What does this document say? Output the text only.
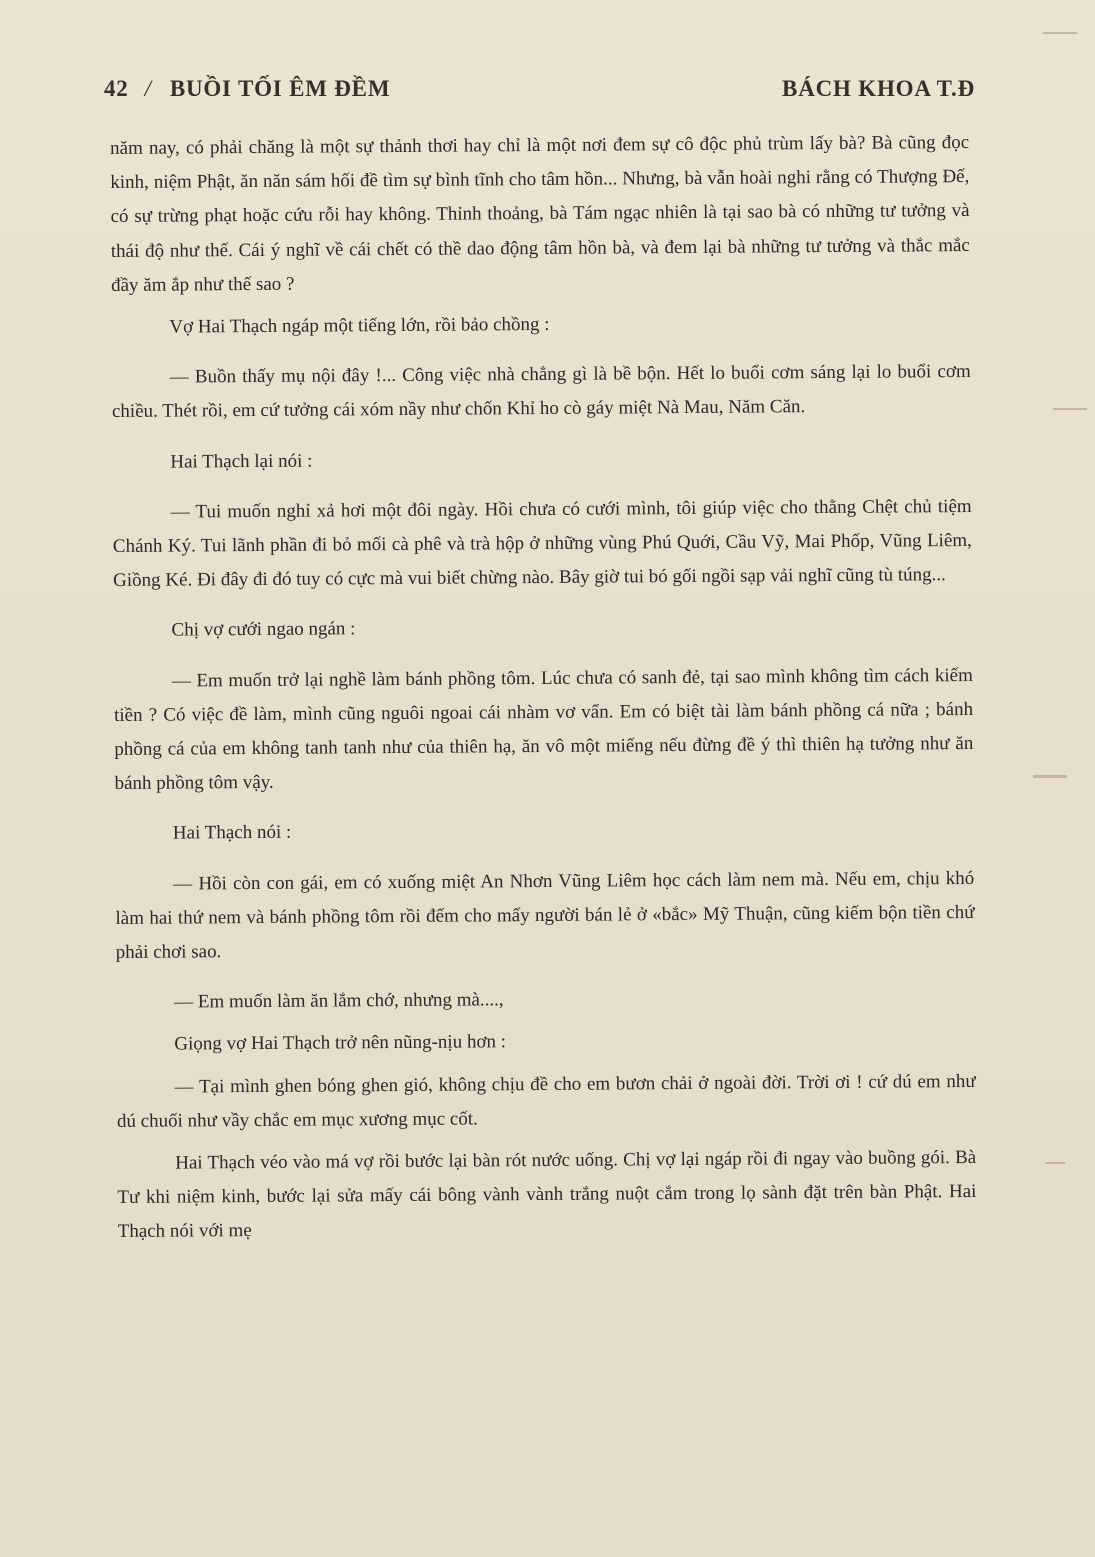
42 / BUỒI TỐI ÊM ĐỀM	BÁCH KHOA T.Đ

năm nay, có phải chăng là một sự thảnh thơi hay chỉ là một nơi đem sự cô độc phủ trùm lấy bà? Bà cũng đọc kinh, niệm Phật, ăn năn sám hối đề tìm sự bình tĩnh cho tâm hồn... Nhưng, bà vẫn hoài nghi rằng có Thượng Đế, có sự trừng phạt hoặc cứu rỗi hay không. Thỉnh thoảng, bà Tám ngạc nhiên là tại sao bà có những tư tưởng và thái độ như thế. Cái ý nghĩ về cái chết có thề dao động tâm hồn bà, và đem lại bà những tư tưởng và thắc mắc đầy ăm ắp như thế sao ?

Vợ Hai Thạch ngáp một tiếng lớn, rồi bảo chồng :

— Buồn thấy mụ nội đây !... Công việc nhà chẳng gì là bề bộn. Hết lo buổi cơm sáng lại lo buổi cơm chiều. Thét rồi, em cứ tưởng cái xóm nầy như chốn Khỉ ho cò gáy miệt Nà Mau, Năm Căn.

Hai Thạch lại nói :

— Tui muốn nghỉ xả hơi một đôi ngày. Hồi chưa có cưới mình, tôi giúp việc cho thằng Chệt chủ tiệm Chánh Ký. Tui lãnh phần đi bỏ mối cà phê và trà hộp ở những vùng Phú Quới, Cầu Vỹ, Mai Phốp, Vũng Liêm, Giồng Ké. Đi đây đi đó tuy có cực mà vui biết chừng nào. Bây giờ tui bó gối ngồi sạp vải nghĩ cũng tù túng...

Chị vợ cưới ngao ngán :

— Em muốn trở lại nghề làm bánh phồng tôm. Lúc chưa có sanh đẻ, tại sao mình không tìm cách kiếm tiền ? Có việc đề làm, mình cũng nguôi ngoai cái nhàm vơ vẩn. Em có biệt tài làm bánh phồng cá nữa ; bánh phồng cá của em không tanh tanh như của thiên hạ, ăn vô một miếng nếu đừng đề ý thì thiên hạ tưởng như ăn bánh phồng tôm vậy.

Hai Thạch nói :

— Hồi còn con gái, em có xuống miệt An Nhơn Vũng Liêm học cách làm nem mà. Nếu em, chịu khó làm hai thứ nem và bánh phồng tôm rồi đếm cho mấy người bán lẻ ở «bắc» Mỹ Thuận, cũng kiếm bộn tiền chứ phải chơi sao.

— Em muốn làm ăn lắm chớ, nhưng mà....,

Giọng vợ Hai Thạch trở nên nũng-nịu hơn :

— Tại mình ghen bóng ghen gió, không chịu đề cho em bươn chải ở ngoài đời. Trời ơi ! cứ dú em như dú chuối như vầy chắc em mục xương mục cốt.

Hai Thạch véo vào má vợ rồi bước lại bàn rót nước uống. Chị vợ lại ngáp rồi đi ngay vào buồng gói. Bà Tư khi niệm kinh, bước lại sửa mấy cái bông vành vành trắng nuột cắm trong lọ sành đặt trên bàn Phật. Hai Thạch nói với mẹ
